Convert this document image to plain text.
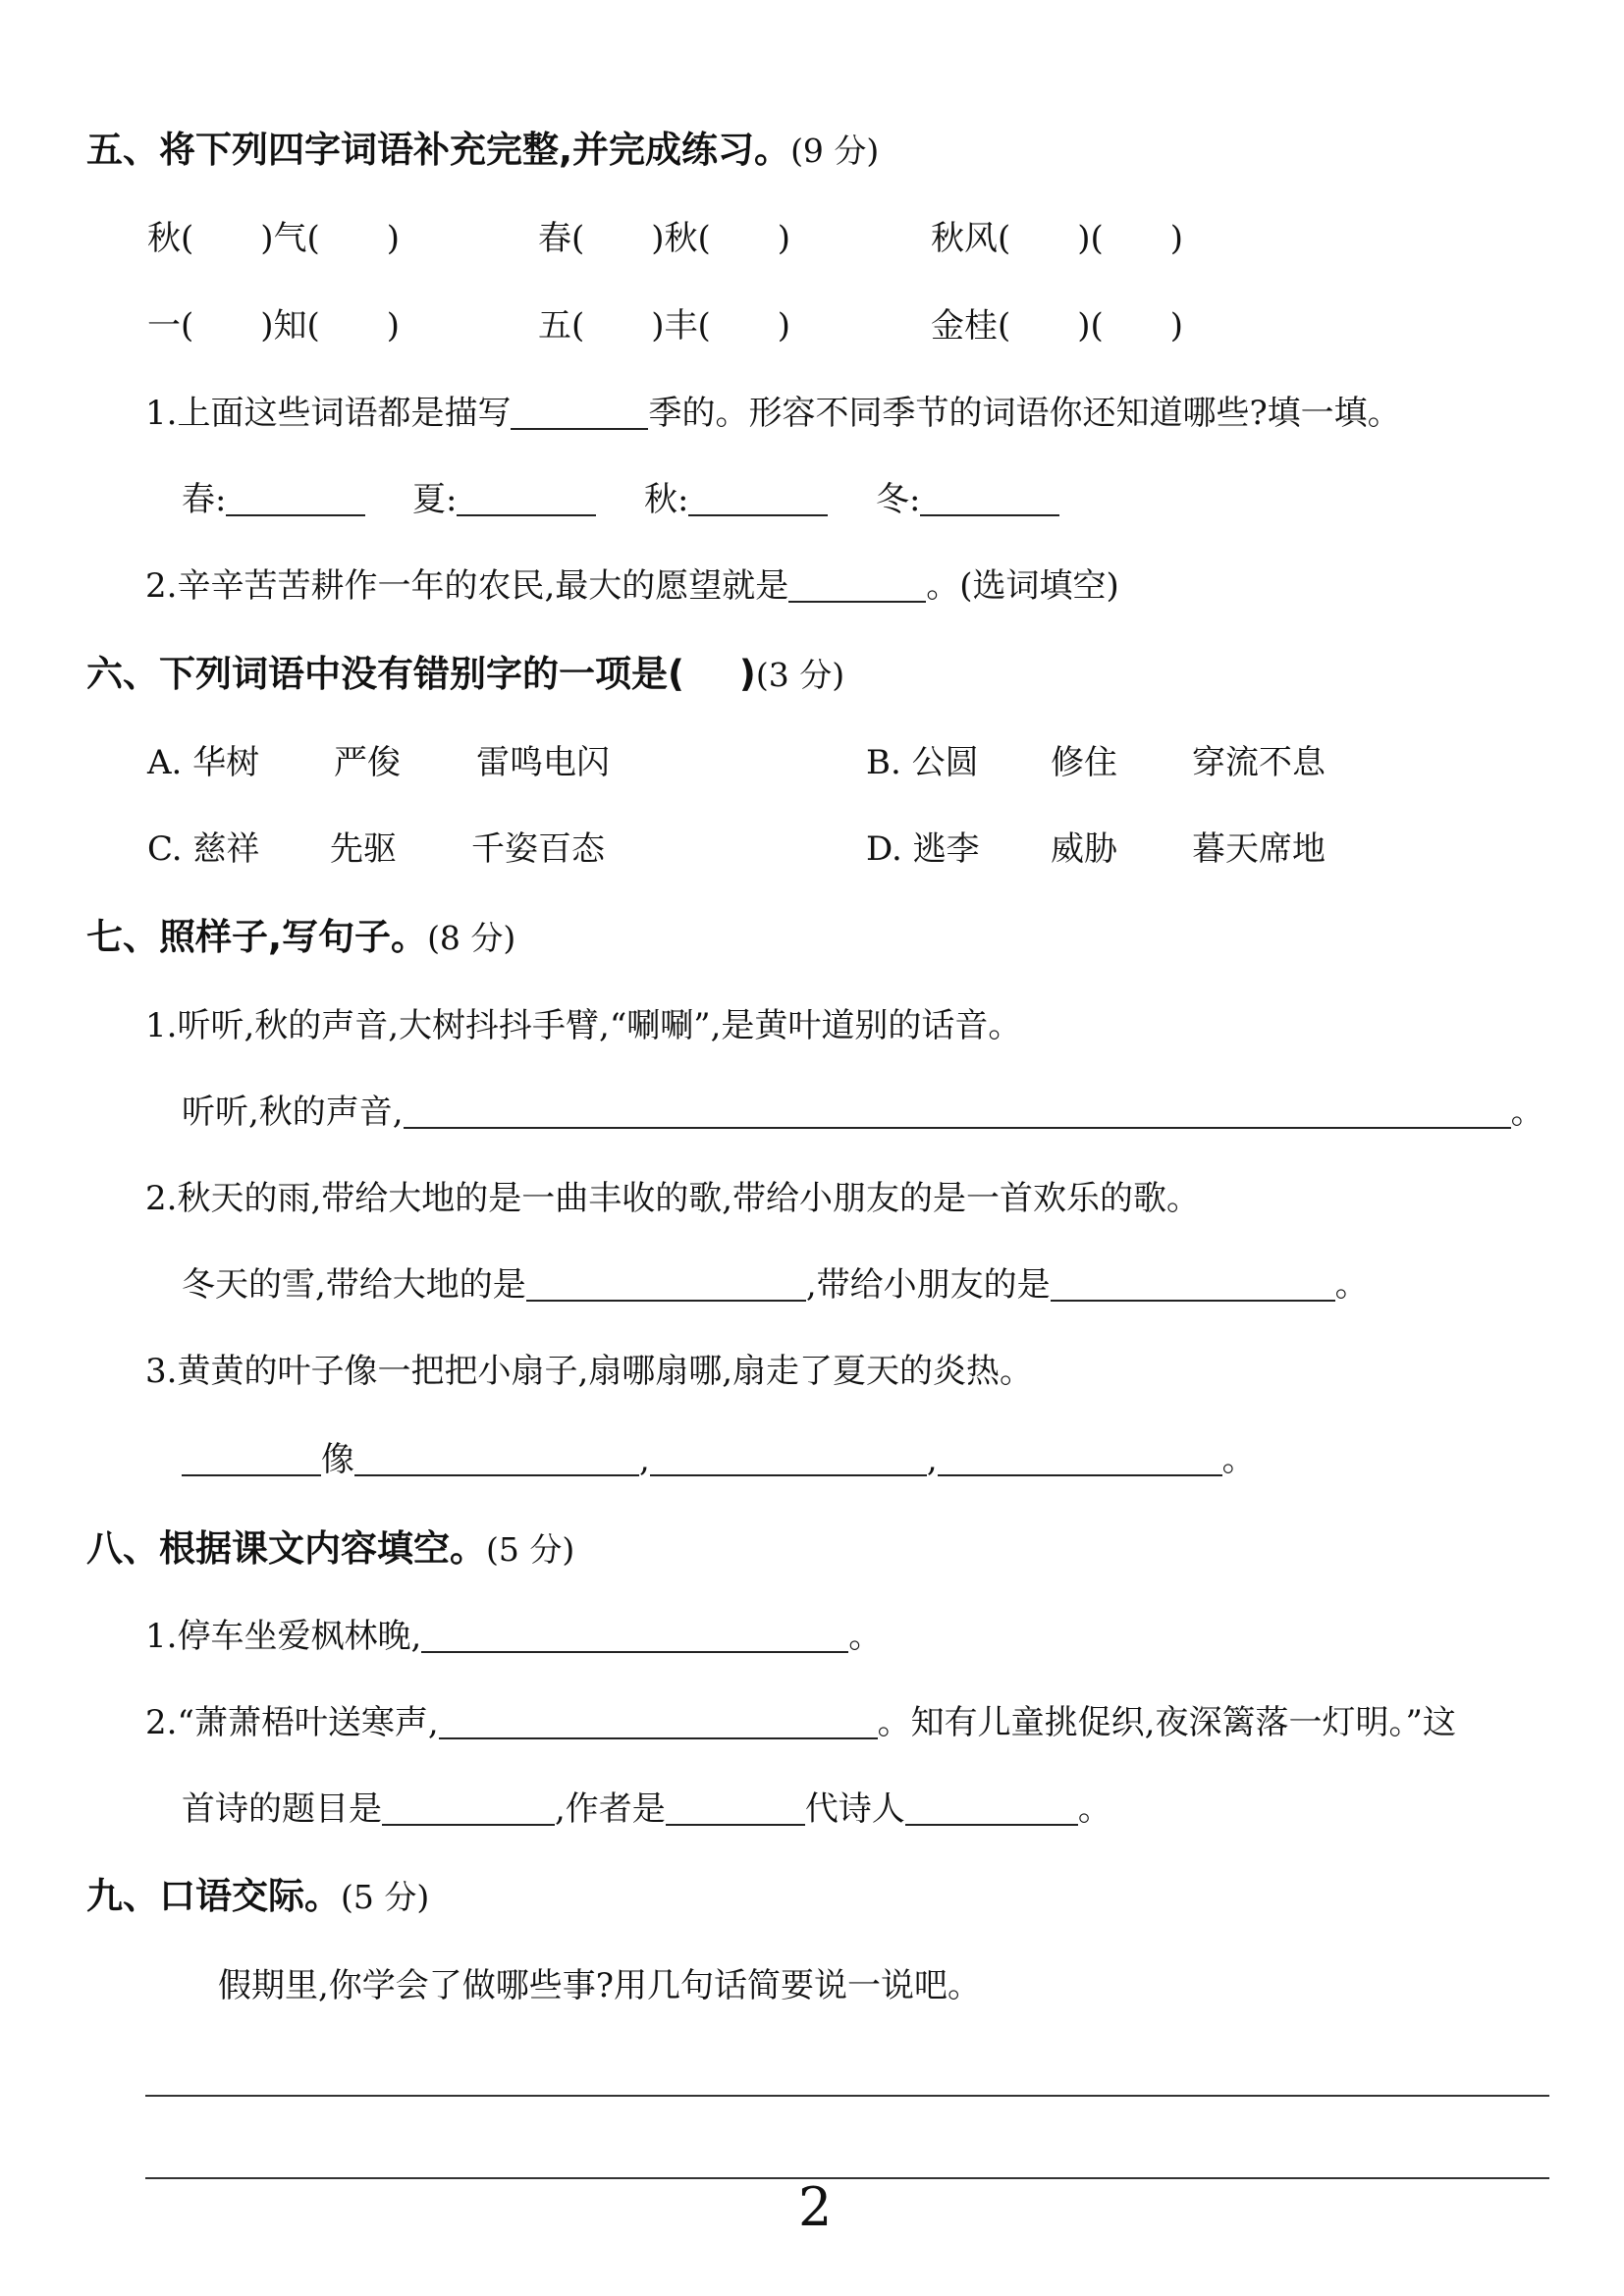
五、将下列四字词语补充完整,并完成练习。(9 分)
秋(　　)气(　　)	春(　　)秋(　　)	秋风(　　)(　　)
一(　　)知(　　)	五(　　)丰(　　)	金桂(　　)(　　)
1.上面这些词语都是描写	季的。形容不同季节的词语你还知道哪些?填一填。
春:	夏:	秋:	冬:
2.辛辛苦苦耕作一年的农民,最大的愿望就是	。(选词填空)
六、下列词语中没有错别字的一项是( )(3 分)
A. 华树 严俊 雷鸣电闪	B. 公圆 修住 穿流不息
C. 慈祥 先驱 千姿百态	D. 逃李 威胁 暮天席地
七、照样子,写句子。(8 分)
1.听听,秋的声音,大树抖抖手臂,“唰唰”,是黄叶道别的话音。
听听,秋的声音,	。
2.秋天的雨,带给大地的是一曲丰收的歌,带给小朋友的是一首欢乐的歌。
冬天的雪,带给大地的是	,带给小朋友的是	。
3.黄黄的叶子像一把把小扇子,扇哪扇哪,扇走了夏天的炎热。
像	,	,	。
八、根据课文内容填空。(5 分)
1.停车坐爱枫林晚,	。
2.“萧萧梧叶送寒声,	。知有儿童挑促织,夜深篱落一灯明。”这
首诗的题目是	,作者是	代诗人	。
九、口语交际。(5 分)
假期里,你学会了做哪些事?用几句话简要说一说吧。
2
